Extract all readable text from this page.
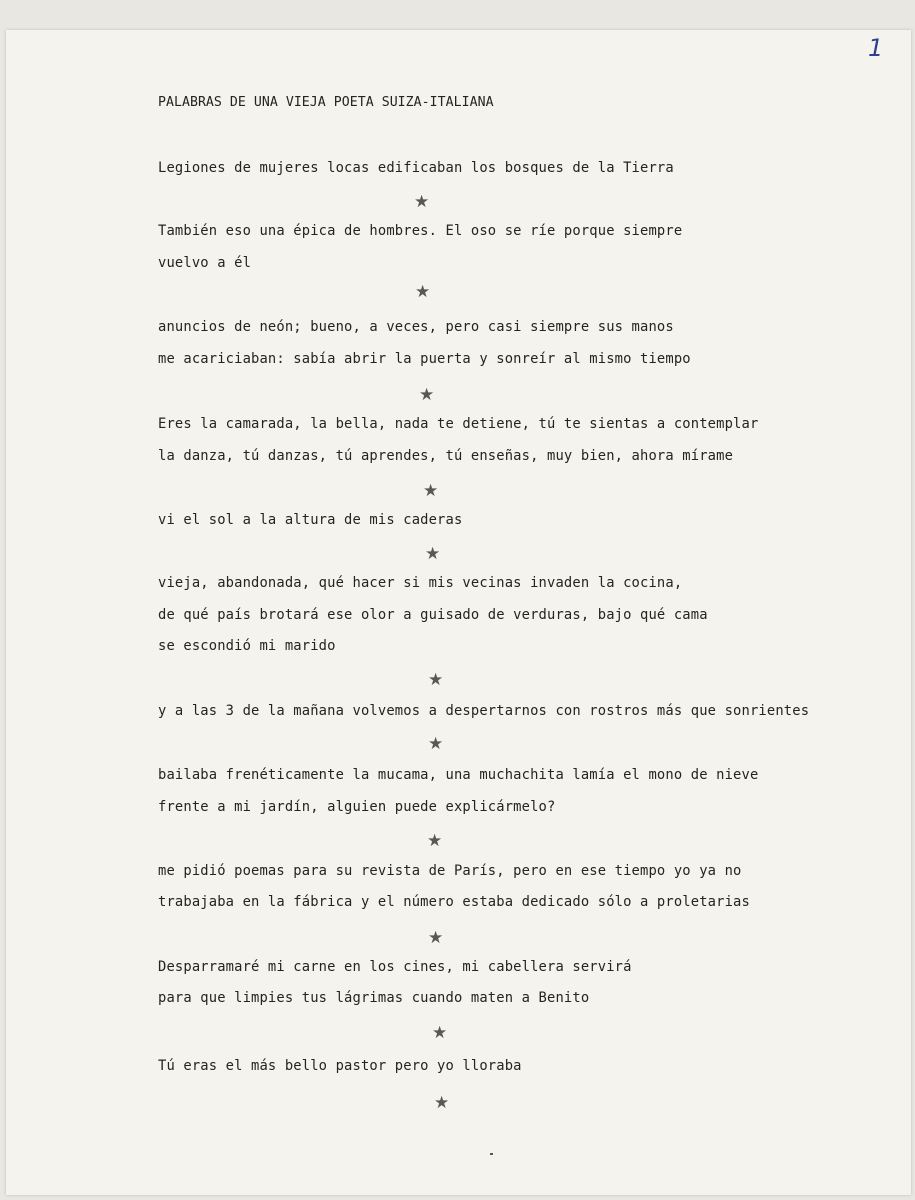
1
PALABRAS DE UNA VIEJA POETA SUIZA-ITALIANA
Legiones de mujeres locas edificaban los bosques de la Tierra
★
También eso una épica de hombres. El oso se ríe porque siempre
vuelvo a él
★
anuncios de neón; bueno, a veces, pero casi siempre sus manos
me acariciaban: sabía abrir la puerta y sonreír al mismo tiempo
★
Eres la camarada, la bella, nada te detiene, tú te sientas a contemplar
la danza, tú danzas, tú aprendes, tú enseñas, muy bien, ahora mírame
★
vi el sol a la altura de mis caderas
★
vieja, abandonada, qué hacer si mis vecinas invaden la cocina,
de qué país brotará ese olor a guisado de verduras, bajo qué cama
se escondió mi marido
★
y a las 3 de la mañana volvemos a despertarnos con rostros más que sonrientes
★
bailaba frenéticamente la mucama, una muchachita lamía el mono de nieve
frente a mi jardín, alguien puede explicármelo?
★
me pidió poemas para su revista de París, pero en ese tiempo yo ya no
trabajaba en la fábrica y el número estaba dedicado sólo a proletarias
★
Desparramaré mi carne en los cines, mi cabellera servirá
para que limpies tus lágrimas cuando maten a Benito
★
Tú eras el más bello pastor pero yo lloraba
★
